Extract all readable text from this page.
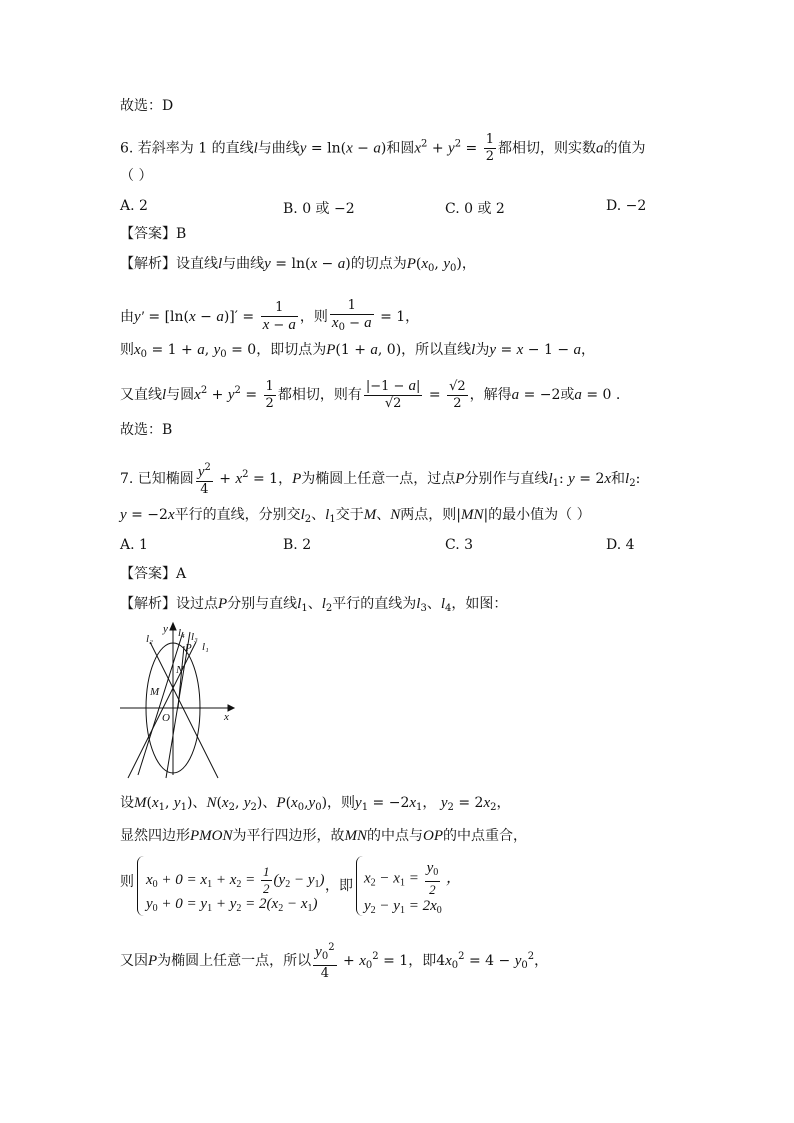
故选：D
6. 若斜率为 1 的直线l与曲线y = ln(x − a)和圆$x^2 + y^2 = \frac{1}{2}$ 都相切，则实数a的值为
（ ）
A. 2	B. 0 或 −2	C. 0 或 2	D. −2
【答案】B
【解析】设直线l与曲线y = ln(x − a)的切点为$P(x_0$, $y_0$)，
由$y' = [\ln(x - a)]' = \frac{1}{x - a}$ ，则 $\frac{1}{x_0 - a} = 1$，
则$x_0 = 1 + a$, $y_0 = 0$，即切点为P(1 + a, 0)，所以直线l为y = x − 1 − a，
又直线l与圆$x^2 + y^2 = \frac{1}{2}$ 都相切，则有 $\frac{|-1 - a|}{√2} = \frac{√2}{2}$ ，解得a = −2或a = 0 .
故选：B
7. 已知椭圆 $\frac{y^2}{4} + x^2 = 1$，P为椭圆上任意一点，过点P分别作与直线$l_1$: y = 2x和$l_2$:
y = −2x平行的直线，分别交$l_2$、$l_1$交于M、N两点，则|MN|的最小值为（ ）
A. 1	B. 2	C. 3	D. 4
【答案】A
【解析】设过点P分别与直线$l_1$、$l_2$平行的直线为$l_3$、$l_4$，如图：
y
x
O
M
N
P
l₂ l₄ l₃
l₁
设$M(x_1$, $y_1$)、$N(x_2$, $y_2$)、$P(x_0,y_0)$，则$y_1 = -2x_1$， $y_2 = 2x_2$，
显然四边形PMON为平行四边形，故MN的中点与OP的中点重合，
则 $x_0 + 0 = x_1 + x_2 = \frac{1}{2} (y_2 - y_1)$
$y_0 + 0 = y_1 + y_2 = 2(x_2 - x_1)$
，即 $x_2 - x_1 = \frac{y_0}{2}$ ，
$y_2 - y_1 = 2x_0$
又因P为椭圆上任意一点，所以 $\frac{y_0^2}{4} + x_0^2 = 1$，即$4x_0^2 = 4 - y_0^2$，
